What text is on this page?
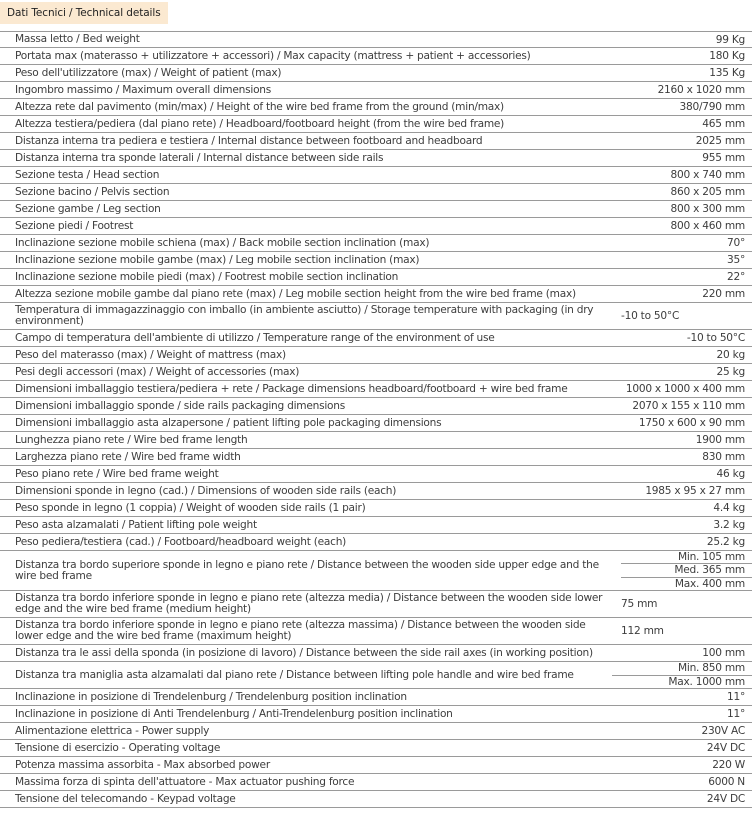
Dati Tecnici / Technical details
Massa letto / Bed weight	99 Kg
Portata max (materasso + utilizzatore + accessori) / Max capacity (mattress + patient + accessories)	180 Kg
Peso dell'utilizzatore (max) / Weight of patient (max)	135 Kg
Ingombro massimo / Maximum overall dimensions	2160 x 1020 mm
Altezza rete dal pavimento (min/max) / Height of the wire bed frame from the ground (min/max)	380/790 mm
Altezza testiera/pediera (dal piano rete) / Headboard/footboard height (from the wire bed frame)	465 mm
Distanza interna tra pediera e testiera / Internal distance between footboard and headboard	2025 mm
Distanza interna tra sponde laterali / Internal distance between side rails	955 mm
Sezione testa / Head section	800 x 740 mm
Sezione bacino / Pelvis section	860 x 205 mm
Sezione gambe / Leg section	800 x 300 mm
Sezione piedi / Footrest	800 x 460 mm
Inclinazione sezione mobile schiena (max) / Back mobile section inclination (max)	70°
Inclinazione sezione mobile gambe (max) / Leg mobile section inclination (max)	35°
Inclinazione sezione mobile piedi (max) / Footrest mobile section inclination	22°
Altezza sezione mobile gambe dal piano rete (max) / Leg mobile section height from the wire bed frame (max)	220 mm
Temperatura di immagazzinaggio con imballo (in ambiente asciutto) / Storage temperature with packaging (in dry environment)	-10 to 50°C
Campo di temperatura dell'ambiente di utilizzo / Temperature range of the environment of use	-10 to 50°C
Peso del materasso (max) / Weight of mattress (max)	20 kg
Pesi degli accessori (max) / Weight of accessories (max)	25 kg
Dimensioni imballaggio testiera/pediera + rete / Package dimensions headboard/footboard + wire bed frame	1000 x 1000 x 400 mm
Dimensioni imballaggio sponde / side rails packaging dimensions	2070 x 155 x 110 mm
Dimensioni imballaggio asta alzapersone / patient lifting pole packaging dimensions	1750 x 600 x 90 mm
Lunghezza piano rete / Wire bed frame length	1900 mm
Larghezza piano rete / Wire bed frame width	830 mm
Peso piano rete / Wire bed frame weight	46 kg
Dimensioni sponde in legno (cad.) / Dimensions of wooden side rails (each)	1985 x 95 x 27 mm
Peso sponde in legno (1 coppia) / Weight of wooden side rails (1 pair)	4.4 kg
Peso asta alzamalati / Patient lifting pole weight	3.2 kg
Peso pediera/testiera (cad.) / Footboard/headboard weight (each)	25.2 kg
Distanza tra bordo superiore sponde in legno e piano rete / Distance between the wooden side upper edge and the wire bed frame
Min. 105 mm
Med. 365 mm
Max. 400 mm
Distanza tra bordo inferiore sponde in legno e piano rete (altezza media) / Distance between the wooden side lower edge and the wire bed frame (medium height)	75 mm
Distanza tra bordo inferiore sponde in legno e piano rete (altezza massima) / Distance between the wooden side lower edge and the wire bed frame (maximum height)	112 mm
Distanza tra le assi della sponda (in posizione di lavoro) / Distance between the side rail axes (in working position)	100 mm
Distanza tra maniglia asta alzamalati dal piano rete / Distance between lifting pole handle and wire bed frame
Min. 850 mm
Max. 1000 mm
Inclinazione in posizione di Trendelenburg / Trendelenburg position inclination	11°
Inclinazione in posizione di Anti Trendelenburg / Anti-Trendelenburg position inclination	11°
Alimentazione elettrica - Power supply	230V AC
Tensione di esercizio - Operating voltage	24V DC
Potenza massima assorbita - Max absorbed power	220 W
Massima forza di spinta dell'attuatore - Max actuator pushing force	6000 N
Tensione del telecomando - Keypad voltage	24V DC
